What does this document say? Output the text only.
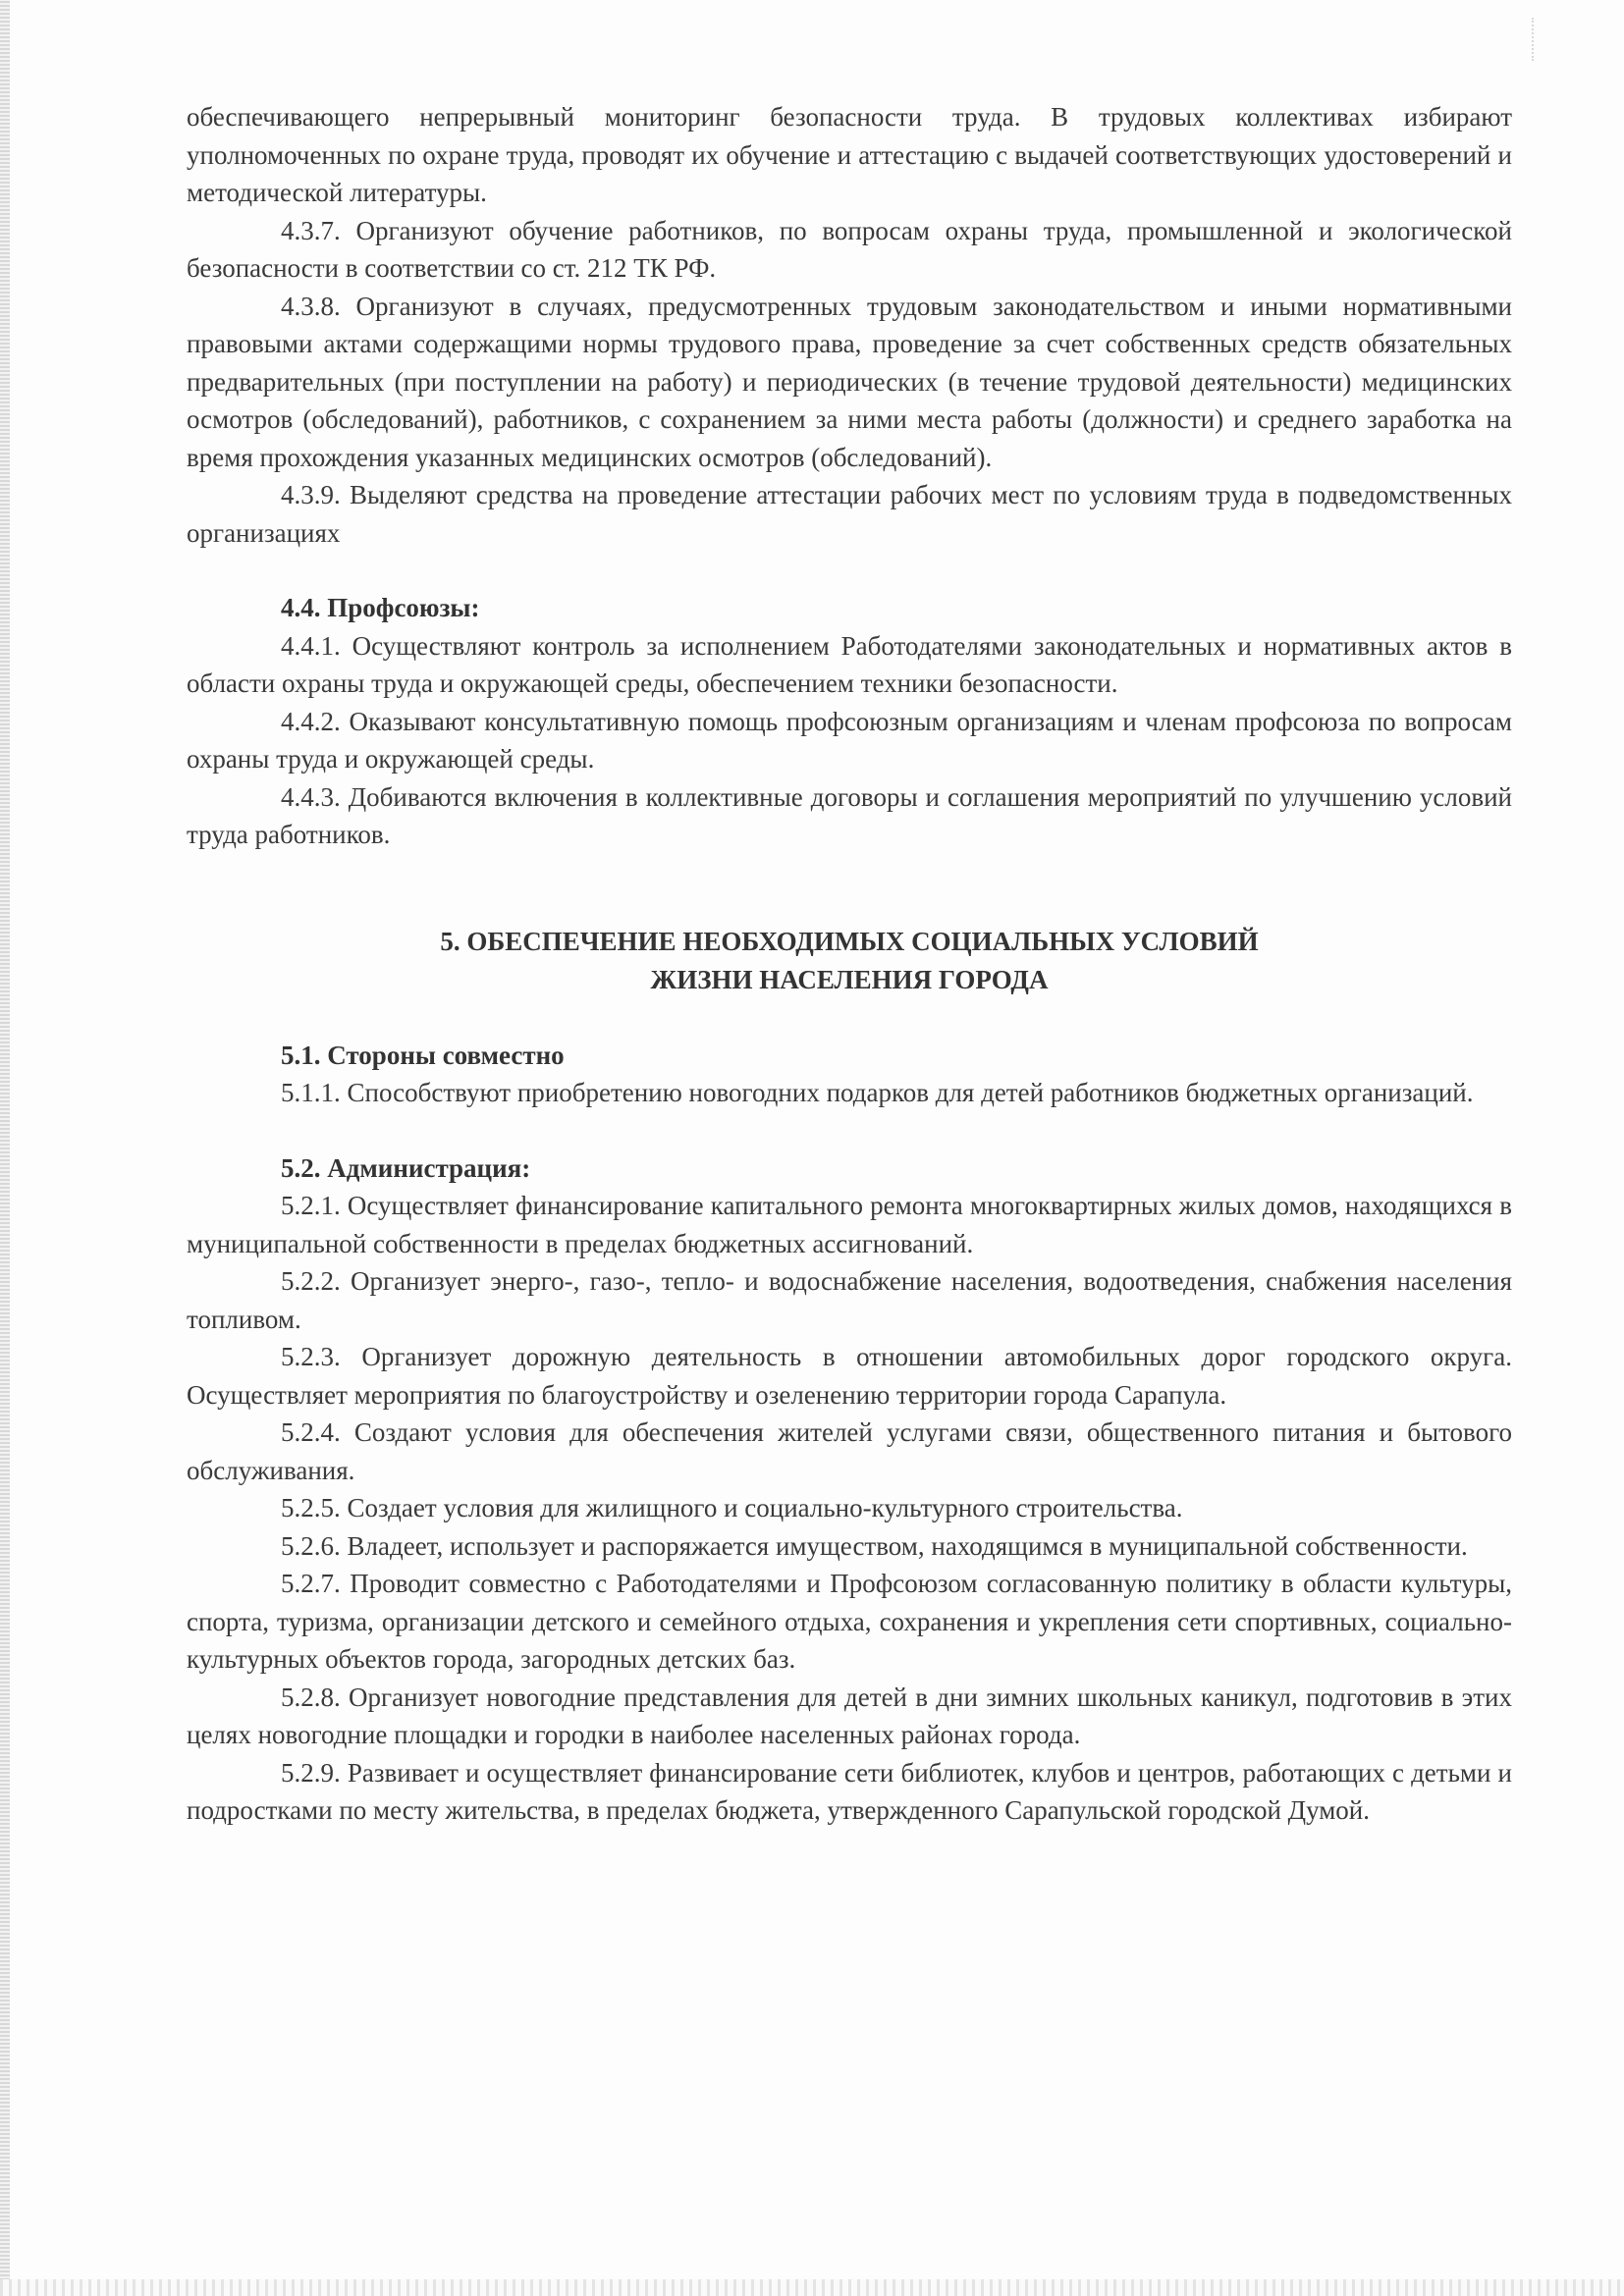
обеспечивающего непрерывный мониторинг безопасности труда. В трудовых коллективах избирают уполномоченных по охране труда, проводят их обучение и аттестацию с выдачей соответствующих удостоверений и методической литературы.

4.3.7. Организуют обучение работников, по вопросам охраны труда, промышленной и экологической безопасности в соответствии со ст. 212 ТК РФ.

4.3.8. Организуют в случаях, предусмотренных трудовым законодательством и иными нормативными правовыми актами содержащими нормы трудового права, проведение за счет собственных средств обязательных предварительных (при поступлении на работу) и периодических (в течение трудовой деятельности) медицинских осмотров (обследований), работников, с сохранением за ними места работы (должности) и среднего заработка на время прохождения указанных медицинских осмотров (обследований).

4.3.9. Выделяют средства на проведение аттестации рабочих мест по условиям труда в подведомственных организациях

4.4. Профсоюзы:

4.4.1. Осуществляют контроль за исполнением Работодателями законодательных и нормативных актов в области охраны труда и окружающей среды, обеспечением техники безопасности.

4.4.2. Оказывают консультативную помощь профсоюзным организациям и членам профсоюза по вопросам охраны труда и окружающей среды.

4.4.3. Добиваются включения в коллективные договоры и соглашения мероприятий по улучшению условий труда работников.

5. ОБЕСПЕЧЕНИЕ НЕОБХОДИМЫХ СОЦИАЛЬНЫХ УСЛОВИЙ

ЖИЗНИ НАСЕЛЕНИЯ ГОРОДА

5.1. Стороны совместно

5.1.1. Способствуют приобретению новогодних подарков для детей работников бюджетных организаций.

5.2. Администрация:

5.2.1. Осуществляет финансирование капитального ремонта многоквартирных жилых домов, находящихся в муниципальной собственности в пределах бюджетных ассигнований.

5.2.2. Организует энерго-, газо-, тепло- и водоснабжение населения, водоотведения, снабжения населения топливом.

5.2.3. Организует дорожную деятельность в отношении автомобильных дорог городского округа. Осуществляет мероприятия по благоустройству и озеленению территории города Сарапула.

5.2.4. Создают условия для обеспечения жителей услугами связи, общественного питания и бытового обслуживания.

5.2.5. Создает условия для жилищного и социально-культурного строительства.

5.2.6. Владеет, использует и распоряжается имуществом, находящимся в муниципальной собственности.

5.2.7. Проводит совместно с Работодателями и Профсоюзом согласованную политику в области культуры, спорта, туризма, организации детского и семейного отдыха, сохранения и укрепления сети спортивных, социально-культурных объектов города, загородных детских баз.

5.2.8. Организует новогодние представления для детей в дни зимних школьных каникул, подготовив в этих целях новогодние площадки и городки в наиболее населенных районах города.

5.2.9. Развивает и осуществляет финансирование сети библиотек, клубов и центров, работающих с детьми и подростками по месту жительства, в пределах бюджета, утвержденного Сарапульской городской Думой.
